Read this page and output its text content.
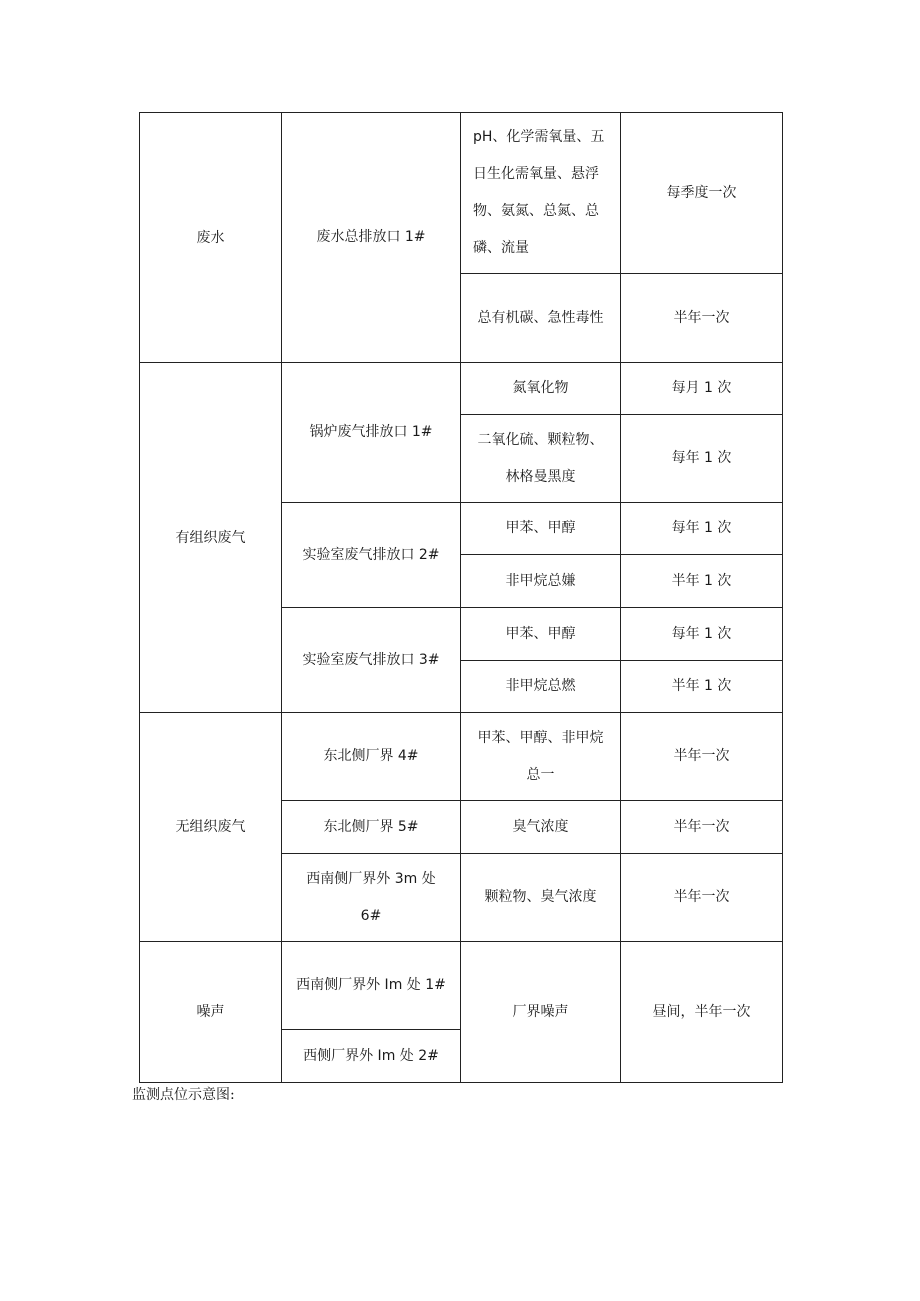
废水	废水总排放口 1#	pH、化学需氧量、五日生化需氧量、悬浮物、氨氮、总氮、总磷、流量	每季度一次
		总有机碳、急性毒性	半年一次
有组织废气	锅炉废气排放口 1#	氮氧化物	每月 1 次
		二氧化硫、颗粒物、林格曼黑度	每年 1 次
	实验室废气排放口 2#	甲苯、甲醇	每年 1 次
		非甲烷总嫌	半年 1 次
	实验室废气排放口 3#	甲苯、甲醇	每年 1 次
		非甲烷总燃	半年 1 次
无组织废气	东北侧厂界 4#	甲苯、甲醇、非甲烷总一	半年一次
	东北侧厂界 5#	臭气浓度	半年一次
	西南侧厂界外 3m 处 6#	颗粒物、臭气浓度	半年一次
噪声	西南侧厂界外 Im 处 1#	厂界噪声	昼间，半年一次
	西侧厂界外 Im 处 2#		
监测点位示意图:
